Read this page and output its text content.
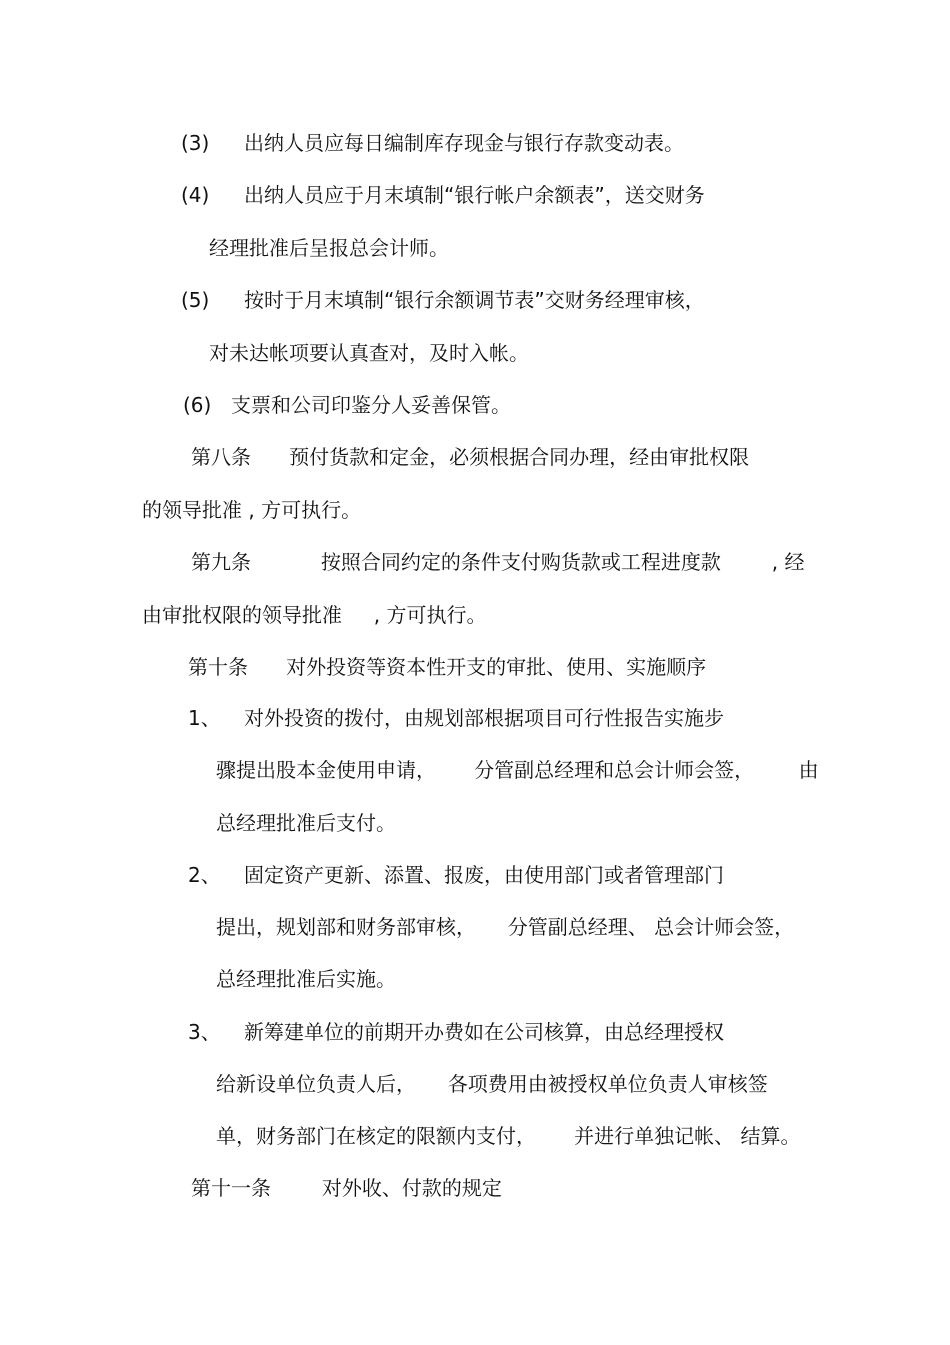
(3) 出纳人员应每日编制库存现金与银行存款变动表。
(4) 出纳人员应于月末填制“银行帐户余额表”，送交财务
经理批准后呈报总会计师。
(5) 按时于月末填制“银行余额调节表”交财务经理审核，
对未达帐项要认真查对，及时入帐。
(6) 支票和公司印鉴分人妥善保管。
第八条      预付货款和定金，必须根据合同办理，经由审批权限
的领导批准 , 方可执行。
第九条           按照合同约定的条件支付购货款或工程进度款        , 经
由审批权限的领导批准     , 方可执行。
第十条      对外投资等资本性开支的审批、使用、实施顺序
1、 对外投资的拨付，由规划部根据项目可行性报告实施步
骤提出股本金使用申请，      分管副总经理和总会计师会签，       由
总经理批准后支付。
2、 固定资产更新、添置、报废，由使用部门或者管理部门
提出，规划部和财务部审核，     分管副总经理、 总会计师会签，
总经理批准后实施。
3、 新筹建单位的前期开办费如在公司核算，由总经理授权
给新设单位负责人后，     各项费用由被授权单位负责人审核签
单，财务部门在核定的限额内支付，      并进行单独记帐、 结算。
第十一条        对外收、付款的规定
